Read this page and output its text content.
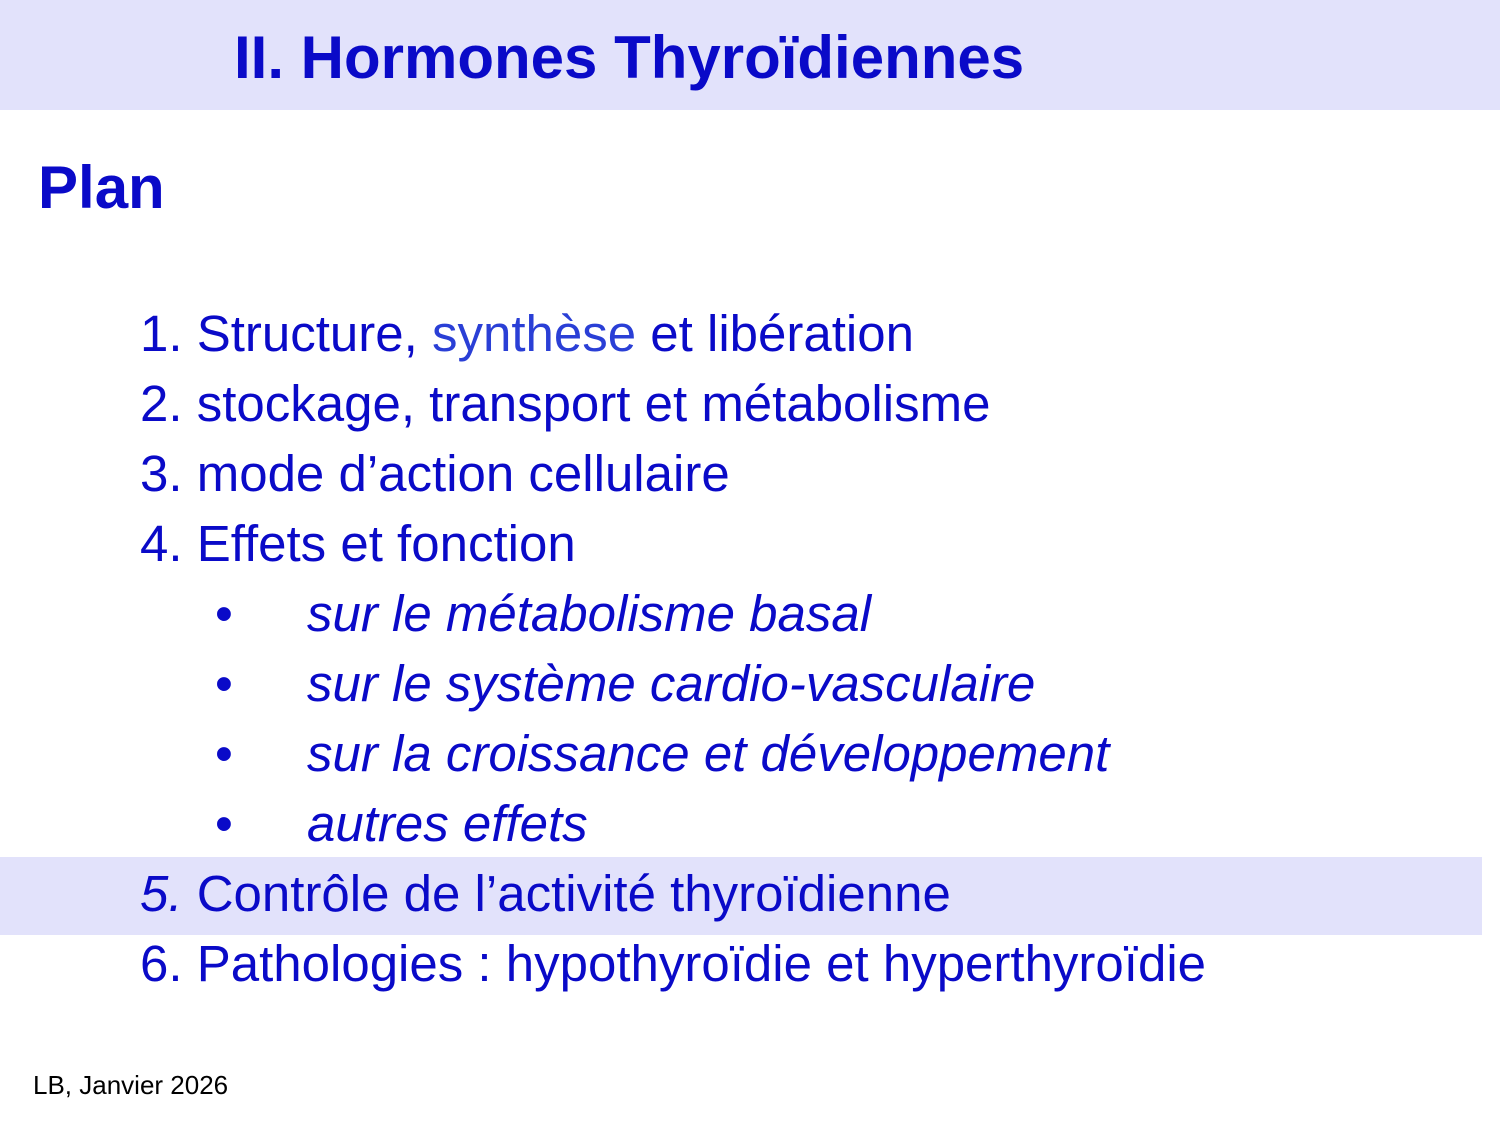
II. Hormones Thyroïdiennes
Plan
1. Structure, synthèse et libération
2. stockage, transport et métabolisme
3. mode d’action cellulaire
4. Effets et fonction
• sur le métabolisme basal
• sur le système cardio-vasculaire
• sur la croissance et développement
• autres effets
5. Contrôle de l’activité thyroïdienne
6. Pathologies : hypothyroïdie et hyperthyroïdie
LB, Janvier 2026
